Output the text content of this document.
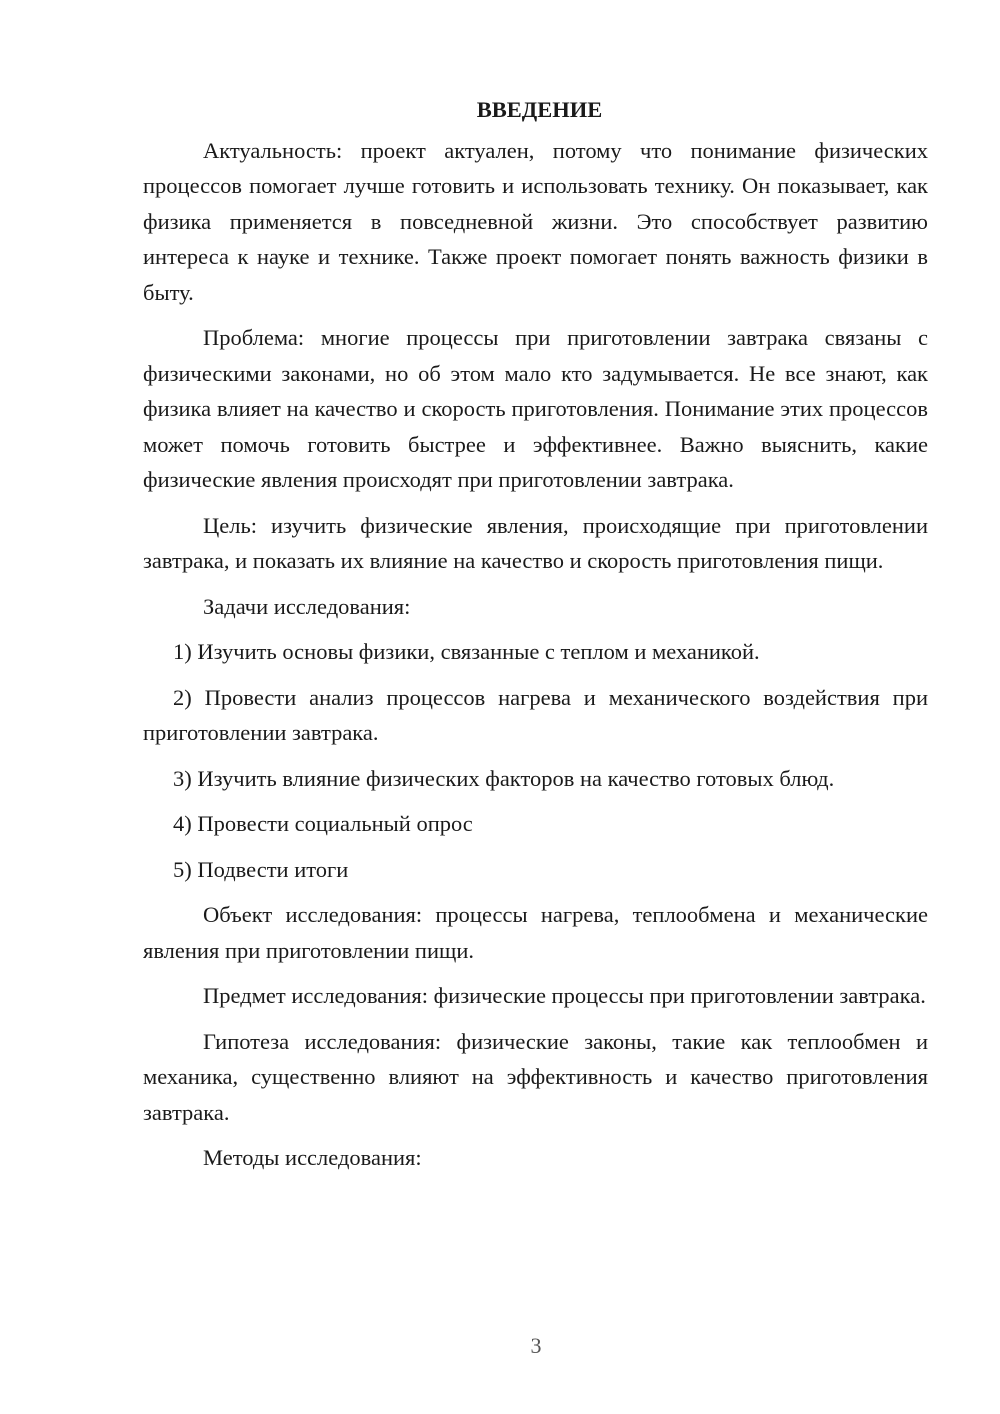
ВВЕДЕНИЕ

Актуальность: проект актуален, потому что понимание физических процессов помогает лучше готовить и использовать технику. Он показывает, как физика применяется в повседневной жизни. Это способствует развитию интереса к науке и технике. Также проект помогает понять важность физики в быту.

Проблема: многие процессы при приготовлении завтрака связаны с физическими законами, но об этом мало кто задумывается. Не все знают, как физика влияет на качество и скорость приготовления. Понимание этих процессов может помочь готовить быстрее и эффективнее. Важно выяснить, какие физические явления происходят при приготовлении завтрака.

Цель: изучить физические явления, происходящие при приготовлении завтрака, и показать их влияние на качество и скорость приготовления пищи.

Задачи исследования:

1) Изучить основы физики, связанные с теплом и механикой.

2) Провести анализ процессов нагрева и механического воздействия при приготовлении завтрака.

3) Изучить влияние физических факторов на качество готовых блюд.

4) Провести социальный опрос

5) Подвести итоги

Объект исследования: процессы нагрева, теплообмена и механические явления при приготовлении пищи.

Предмет исследования: физические процессы при приготовлении завтрака.

Гипотеза исследования: физические законы, такие как теплообмен и механика, существенно влияют на эффективность и качество приготовления завтрака.

Методы исследования:

3
